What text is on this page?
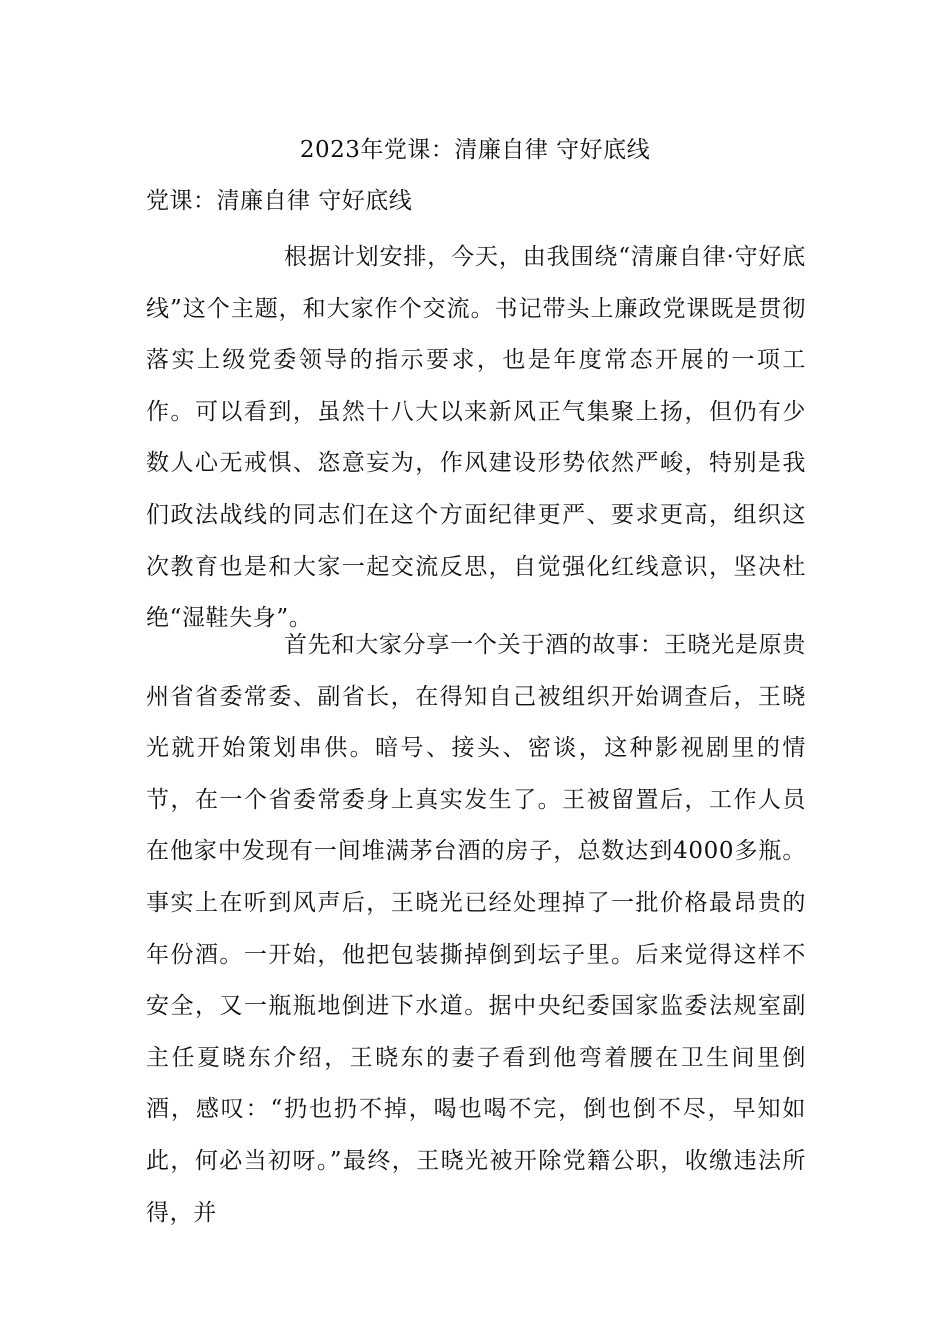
2023年党课：清廉自律 守好底线
党课：清廉自律 守好底线

根据计划安排，今天，由我围绕“清廉自律·守好底线”这个主题，和大家作个交流。书记带头上廉政党课既是贯彻落实上级党委领导的指示要求，也是年度常态开展的一项工作。可以看到，虽然十八大以来新风正气集聚上扬，但仍有少数人心无戒惧、恣意妄为，作风建设形势依然严峻，特别是我们政法战线的同志们在这个方面纪律更严、要求更高，组织这次教育也是和大家一起交流反思，自觉强化红线意识，坚决杜绝“湿鞋失身”。

首先和大家分享一个关于酒的故事：王晓光是原贵州省省委常委、副省长，在得知自己被组织开始调查后，王晓光就开始策划串供。暗号、接头、密谈，这种影视剧里的情节，在一个省委常委身上真实发生了。王被留置后，工作人员在他家中发现有一间堆满茅台酒的房子，总数达到4000多瓶。事实上在听到风声后，王晓光已经处理掉了一批价格最昂贵的年份酒。一开始，他把包装撕掉倒到坛子里。后来觉得这样不安全，又一瓶瓶地倒进下水道。据中央纪委国家监委法规室副主任夏晓东介绍，王晓东的妻子看到他弯着腰在卫生间里倒酒，感叹：“扔也扔不掉，喝也喝不完，倒也倒不尽，早知如此，何必当初呀。”最终，王晓光被开除党籍公职，收缴违法所得，并
